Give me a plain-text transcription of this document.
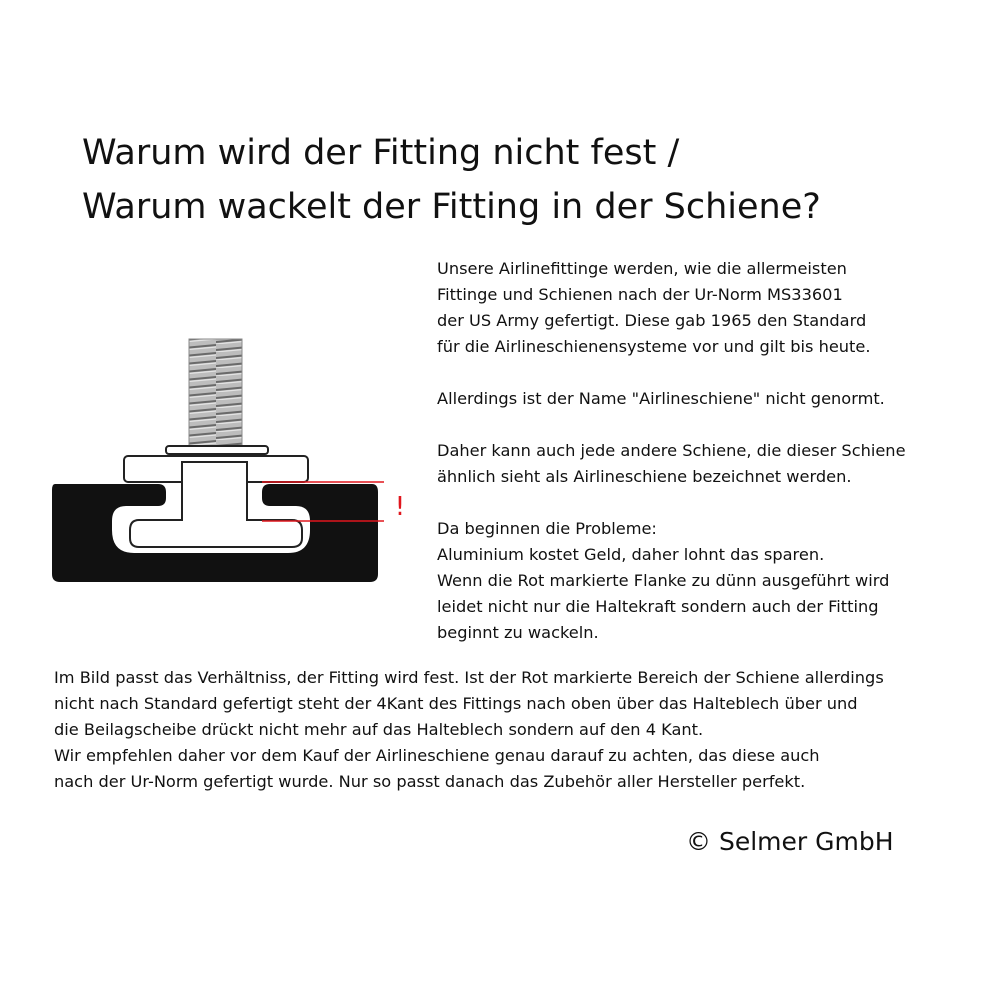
Warum wird der Fitting nicht fest /
Warum wackelt der Fitting in der Schiene?
Unsere Airlinefittinge werden, wie die allermeisten
Fittinge und Schienen nach der Ur-Norm MS33601
der US Army gefertigt. Diese gab 1965 den Standard
für die Airlineschienensysteme vor und gilt bis heute.
Allerdings ist der Name "Airlineschiene" nicht genormt.
Daher kann auch jede andere Schiene, die dieser Schiene
ähnlich sieht als Airlineschiene bezeichnet werden.
Da beginnen die Probleme:
Aluminium kostet Geld, daher lohnt das sparen.
Wenn die Rot markierte Flanke zu dünn ausgeführt wird
leidet nicht nur die Haltekraft sondern auch der Fitting
beginnt zu wackeln.
!
Im Bild passt das Verhältniss, der Fitting wird fest. Ist der Rot markierte Bereich der Schiene allerdings
nicht nach Standard gefertigt steht der 4Kant des Fittings nach oben über das Halteblech über und
die Beilagscheibe drückt nicht mehr auf das Halteblech sondern auf den 4 Kant.
Wir empfehlen daher vor dem Kauf der Airlineschiene genau darauf zu achten, das diese auch
nach der Ur-Norm gefertigt wurde. Nur so passt danach das Zubehör aller Hersteller perfekt.
© Selmer GmbH
